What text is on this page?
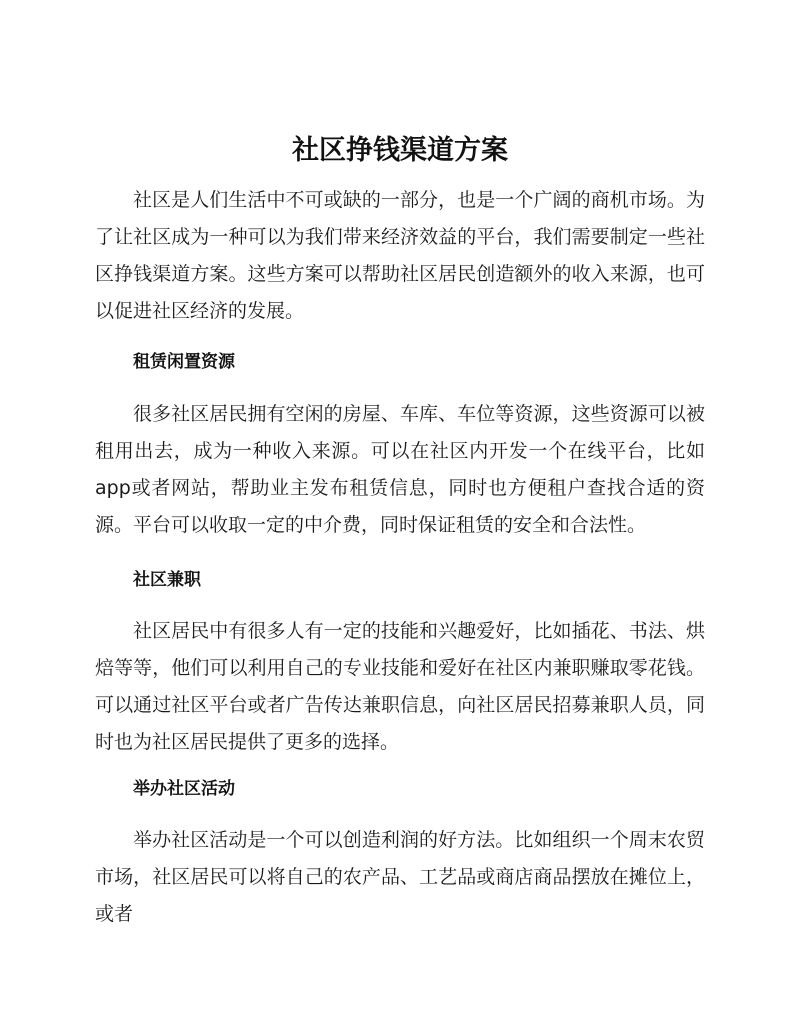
社区挣钱渠道方案

社区是人们生活中不可或缺的一部分，也是一个广阔的商机市场。为了让社区成为一种可以为我们带来经济效益的平台，我们需要制定一些社区挣钱渠道方案。这些方案可以帮助社区居民创造额外的收入来源，也可以促进社区经济的发展。

租赁闲置资源

很多社区居民拥有空闲的房屋、车库、车位等资源，这些资源可以被租用出去，成为一种收入来源。可以在社区内开发一个在线平台，比如app或者网站，帮助业主发布租赁信息，同时也方便租户查找合适的资源。平台可以收取一定的中介费，同时保证租赁的安全和合法性。

社区兼职

社区居民中有很多人有一定的技能和兴趣爱好，比如插花、书法、烘焙等等，他们可以利用自己的专业技能和爱好在社区内兼职赚取零花钱。可以通过社区平台或者广告传达兼职信息，向社区居民招募兼职人员，同时也为社区居民提供了更多的选择。

举办社区活动

举办社区活动是一个可以创造利润的好方法。比如组织一个周末农贸市场，社区居民可以将自己的农产品、工艺品或商店商品摆放在摊位上，或者
